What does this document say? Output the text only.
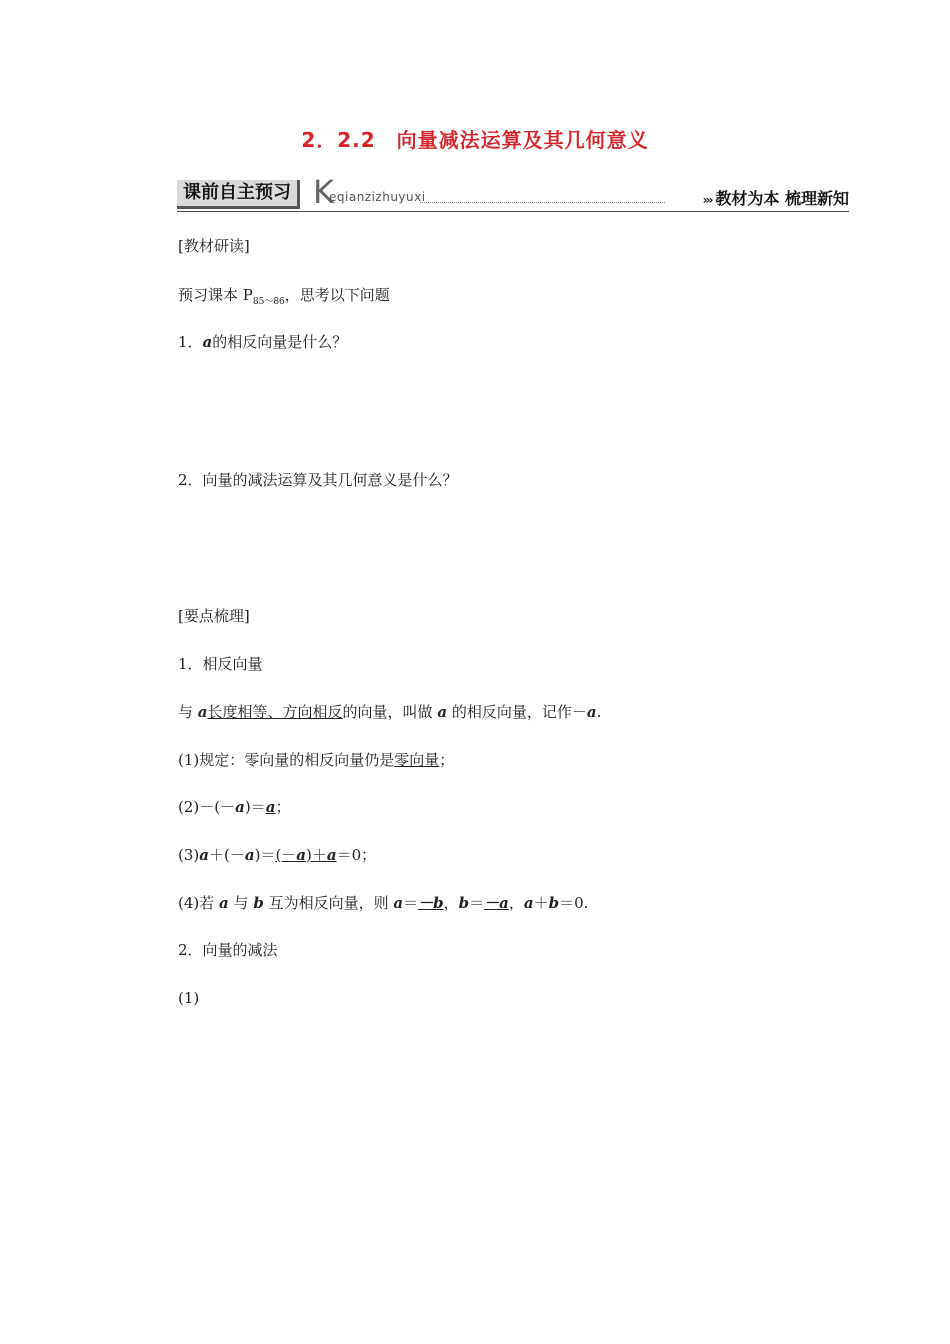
2．2.2　向量减法运算及其几何意义
课前自主预习 K
eqianzizhuyuxi	››› 教材为本 梳理新知
[教材研读]
预习课本 $P_{85\sim 86}$，思考以下问题
1．a的相反向量是什么？
2．向量的减法运算及其几何意义是什么？
[要点梳理]
1．相反向量
与 a长度相等、方向相反的向量，叫做 a 的相反向量，记作－a.
(1)规定：零向量的相反向量仍是零向量；
(2)－(－a)＝a；
(3)a＋(－a)＝(－a)＋a＝0；
(4)若 a 与 b 互为相反向量，则 a＝－b，b＝－a，a＋b＝0.
2．向量的减法
(1)
